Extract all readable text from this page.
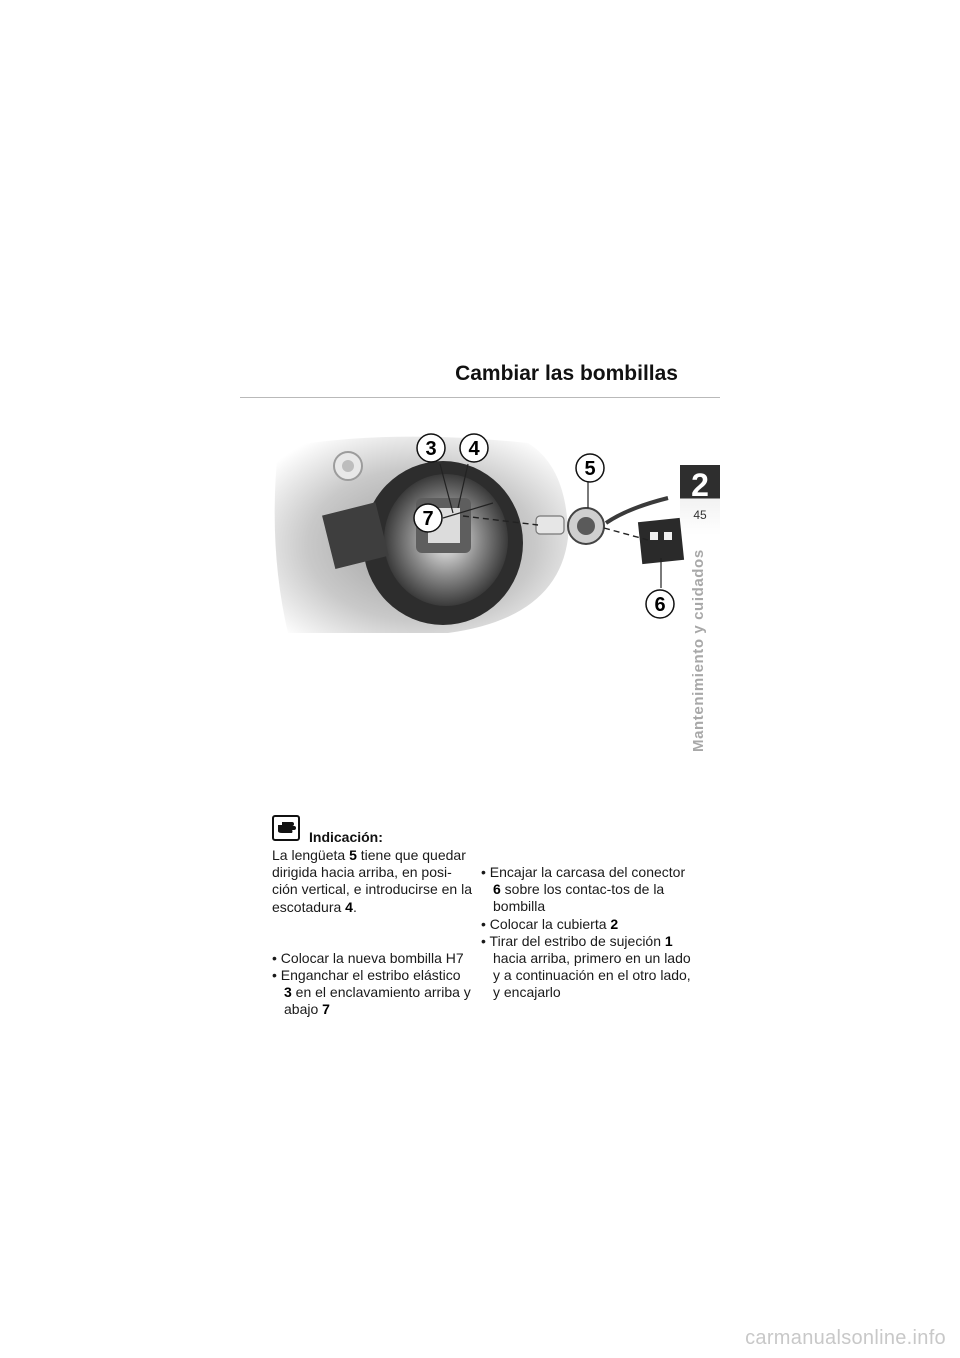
Cambiar las bombillas
2
45
Mantenimiento y cuidados
3 4
5
6
7
Indicación:

La lengüeta 5 tiene que quedar dirigida hacia arriba, en posi-ción vertical, e introducirse en la escotadura 4.

• Colocar la nueva bombilla H7

• Enganchar el estribo elástico 3 en el enclavamiento arriba y abajo 7

• Encajar la carcasa del conector 6 sobre los contac-tos de la bombilla

• Colocar la cubierta 2

• Tirar del estribo de sujeción 1 hacia arriba, primero en un lado y a continuación en el otro lado, y encajarlo

carmanualsonline.info
